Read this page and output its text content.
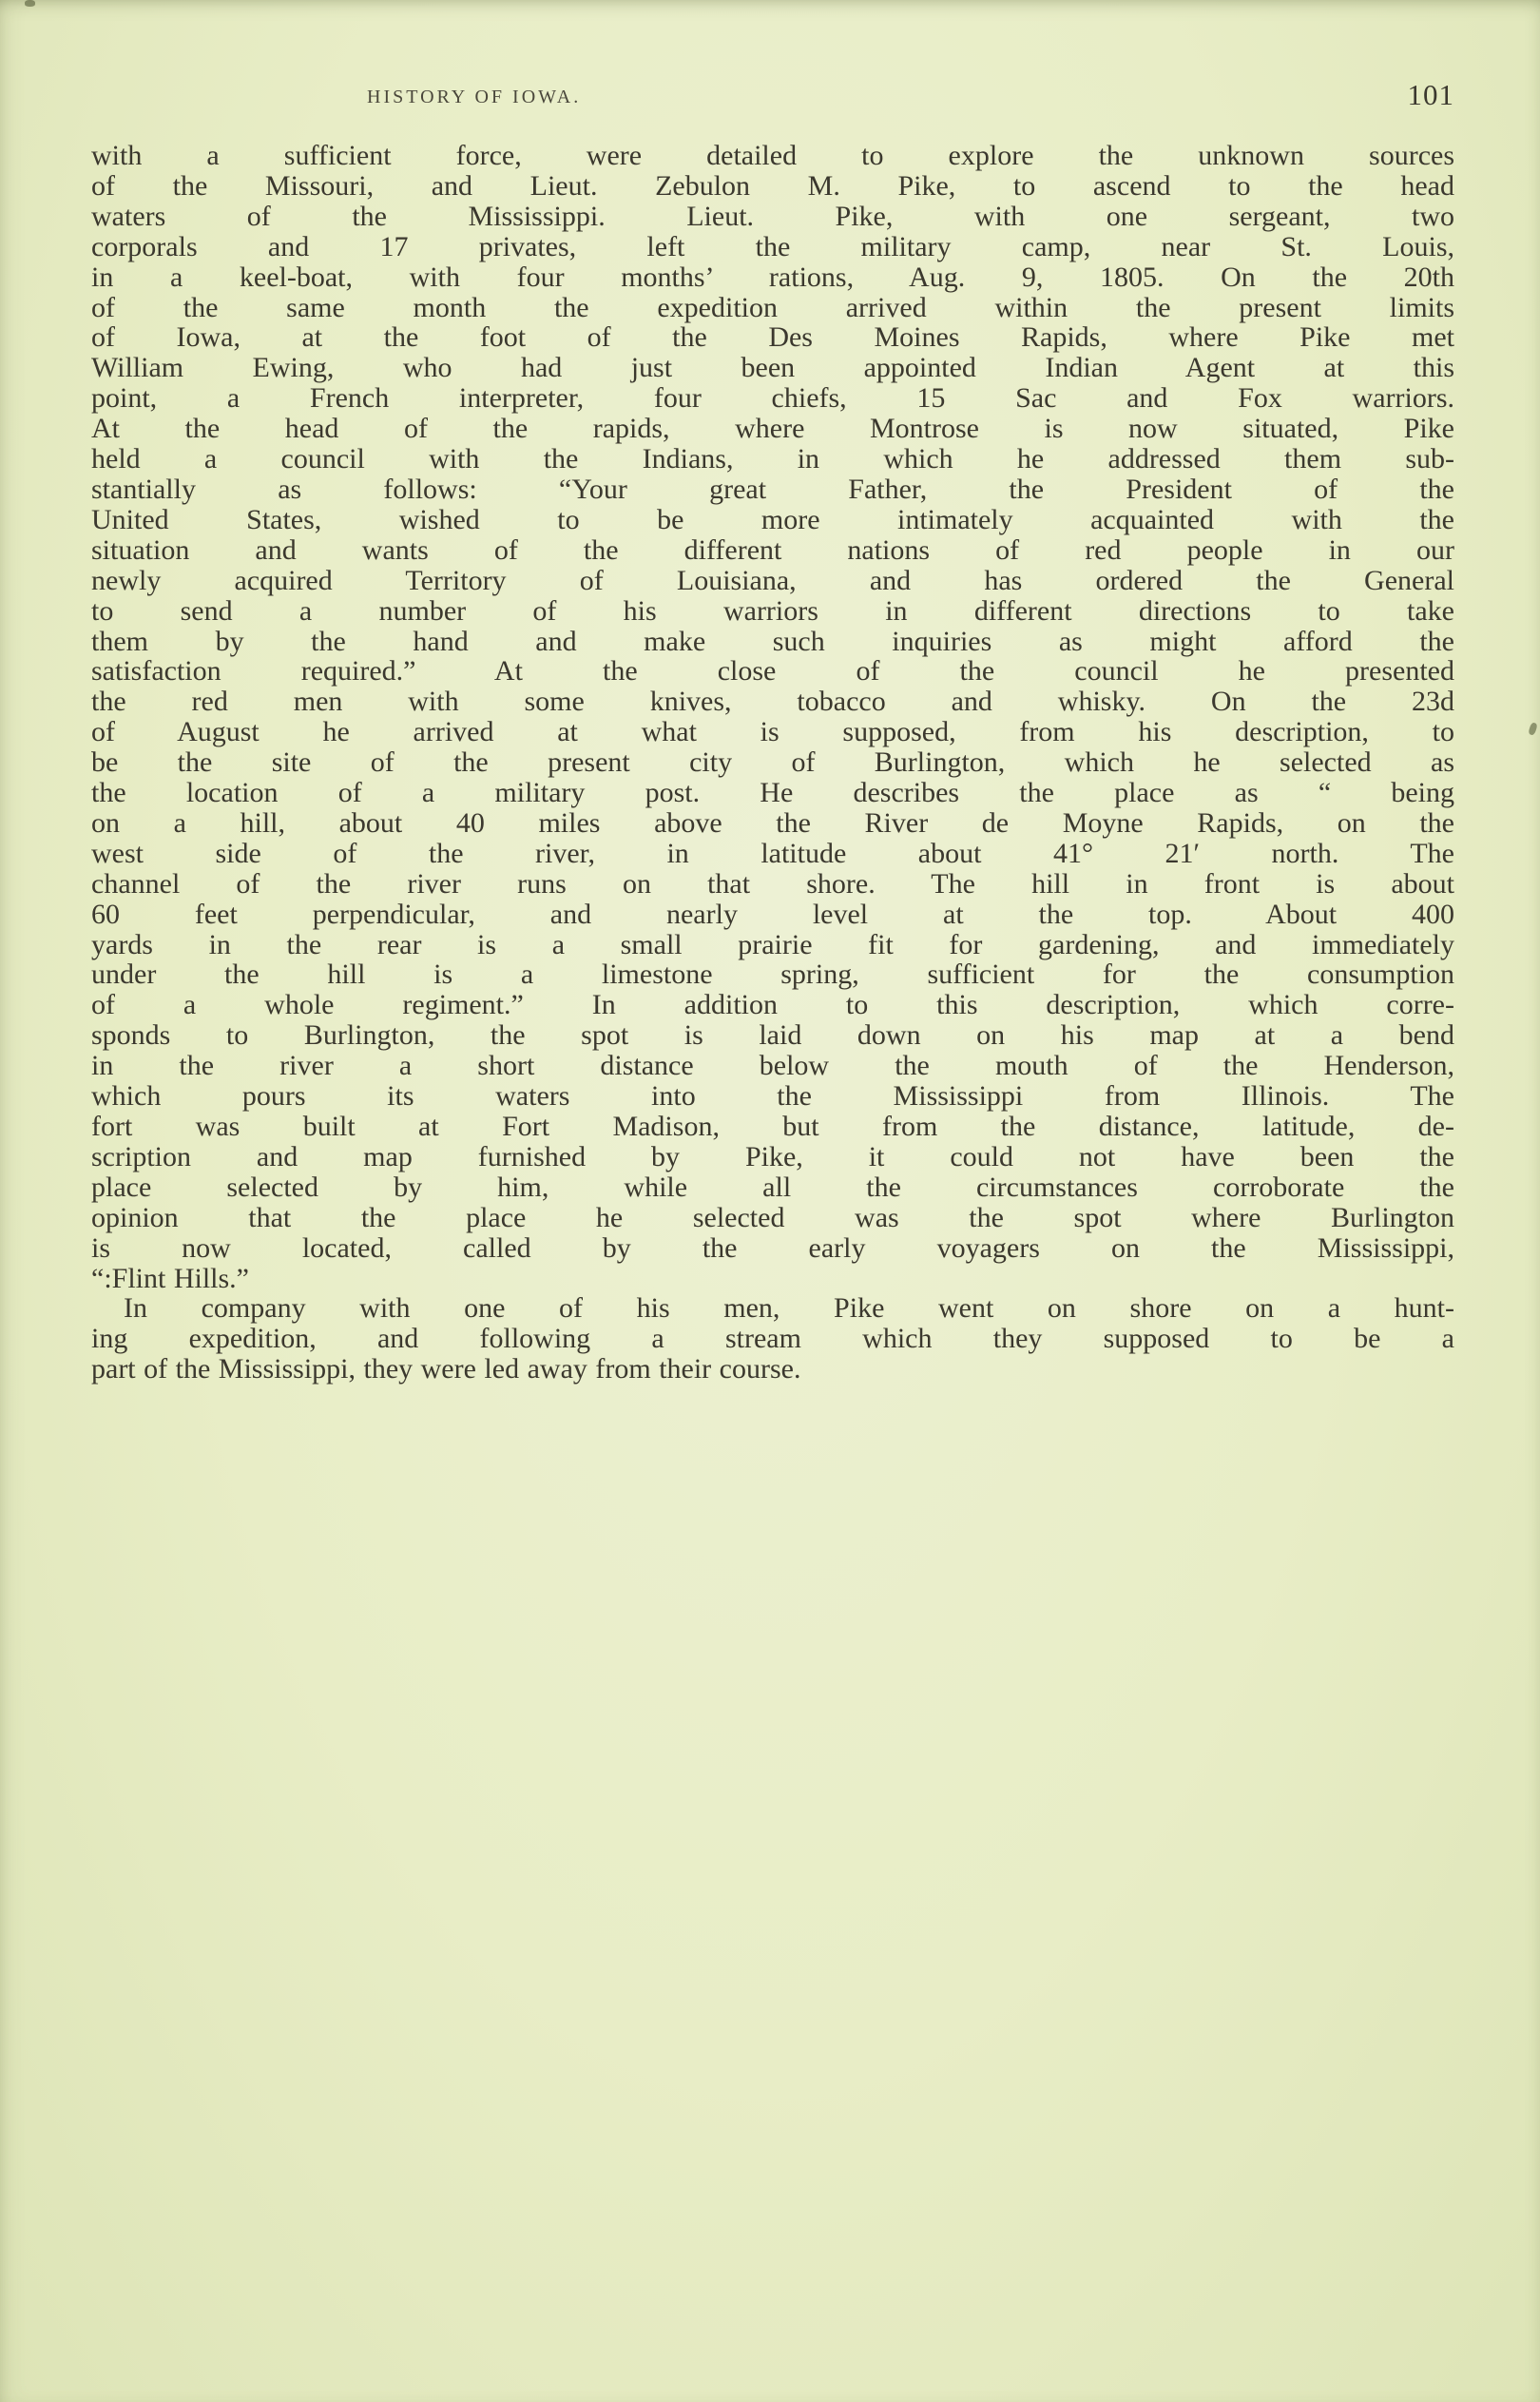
HISTORY OF IOWA.	101
with a sufficient force, were detailed to explore the unknown sources
of the Missouri, and Lieut. Zebulon M. Pike, to ascend to the head
waters of the Mississippi. Lieut. Pike, with one sergeant, two
corporals and 17 privates, left the military camp, near St. Louis,
in a keel-boat, with four months’ rations, Aug. 9, 1805. On the 20th
of the same month the expedition arrived within the present limits
of Iowa, at the foot of the Des Moines Rapids, where Pike met
William Ewing, who had just been appointed Indian Agent at this
point, a French interpreter, four chiefs, 15 Sac and Fox warriors.
At the head of the rapids, where Montrose is now situated, Pike
held a council with the Indians, in which he addressed them sub-
stantially as follows: “Your great Father, the President of the
United States, wished to be more intimately acquainted with the
situation and wants of the different nations of red people in our
newly acquired Territory of Louisiana, and has ordered the General
to send a number of his warriors in different directions to take
them by the hand and make such inquiries as might afford the
satisfaction required.” At the close of the council he presented
the red men with some knives, tobacco and whisky. On the 23d
of August he arrived at what is supposed, from his description, to
be the site of the present city of Burlington, which he selected as
the location of a military post. He describes the place as “ being
on a hill, about 40 miles above the River de Moyne Rapids, on the
west side of the river, in latitude about 41° 21′ north. The
channel of the river runs on that shore. The hill in front is about
60 feet perpendicular, and nearly level at the top. About 400
yards in the rear is a small prairie fit for gardening, and immediately
under the hill is a limestone spring, sufficient for the consumption
of a whole regiment.” In addition to this description, which corre-
sponds to Burlington, the spot is laid down on his map at a bend
in the river a short distance below the mouth of the Henderson,
which pours its waters into the Mississippi from Illinois. The
fort was built at Fort Madison, but from the distance, latitude, de-
scription and map furnished by Pike, it could not have been the
place selected by him, while all the circumstances corroborate the
opinion that the place he selected was the spot where Burlington
is now located, called by the early voyagers on the Mississippi,
“:Flint Hills.”
In company with one of his men, Pike went on shore on a hunt-
ing expedition, and following a stream which they supposed to be a
part of the Mississippi, they were led away from their course.
